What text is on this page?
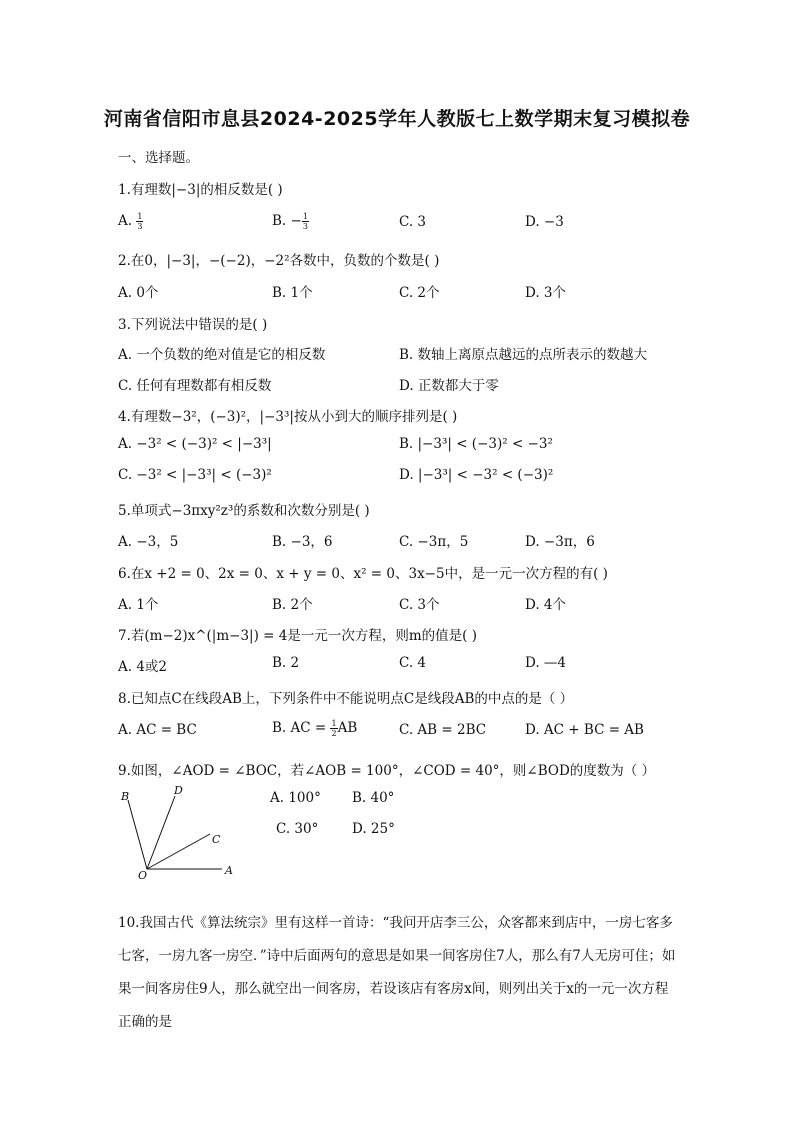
河南省信阳市息县2024-2025学年人教版七上数学期末复习模拟卷
一、选择题。
1.有理数|−3|的相反数是( )
A. $\frac{1}{3}$	B. − $\frac{1}{3}$	C. 3	D. −3
2.在0，|−3|，−(−2)，−2²各数中，负数的个数是( )
A. 0个	B. 1个	C. 2个	D. 3个
3.下列说法中错误的是( )
A. 一个负数的绝对值是它的相反数	B. 数轴上离原点越远的点所表示的数越大
C. 任何有理数都有相反数	D. 正数都大于零
4.有理数−3²，(−3)²，|−3³|按从小到大的顺序排列是( )
A. −3² < (−3)² < |−3³|	B. |−3³| < (−3)² < −3²
C. −3² < |−3³| < (−3)²	D. |−3³| < −3² < (−3)²
5.单项式−3πxy²z³的系数和次数分别是( )
A. −3，5	B. −3，6	C. −3π，5	D. −3π，6
6.在x +2 = 0、2x = 0、x + y = 0、x² = 0、3x−5中，是一元一次方程的有( )
A. 1个	B. 2个	C. 3个	D. 4个
7.若(m−2)x^(|m−3|) = 4是一元一次方程，则m的值是( )
A. 4或2	B. 2	C. 4	D. —4
8.已知点C在线段AB上，下列条件中不能说明点C是线段AB的中点的是（ ）
A. AC = BC	B. AC = $\frac{1}{2}$ AB	C. AB = 2BC	D. AC + BC = AB
9.如图，∠AOD = ∠BOC，若∠AOB = 100°，∠COD = 40°，则∠BOD的度数为（ ）
A. 100° B. 40°
C. 30° D. 25°
B	D
C
A
O
10.我国古代《算法统宗》里有这样一首诗：“我问开店李三公，众客都来到店中，一房七客多七客，一房九客一房空．”诗中后面两句的意思是如果一间客房住7人，那么有7人无房可住；如果一间客房住9人，那么就空出一间客房，若设该店有客房x间，则列出关于x的一元一次方程正确的是
